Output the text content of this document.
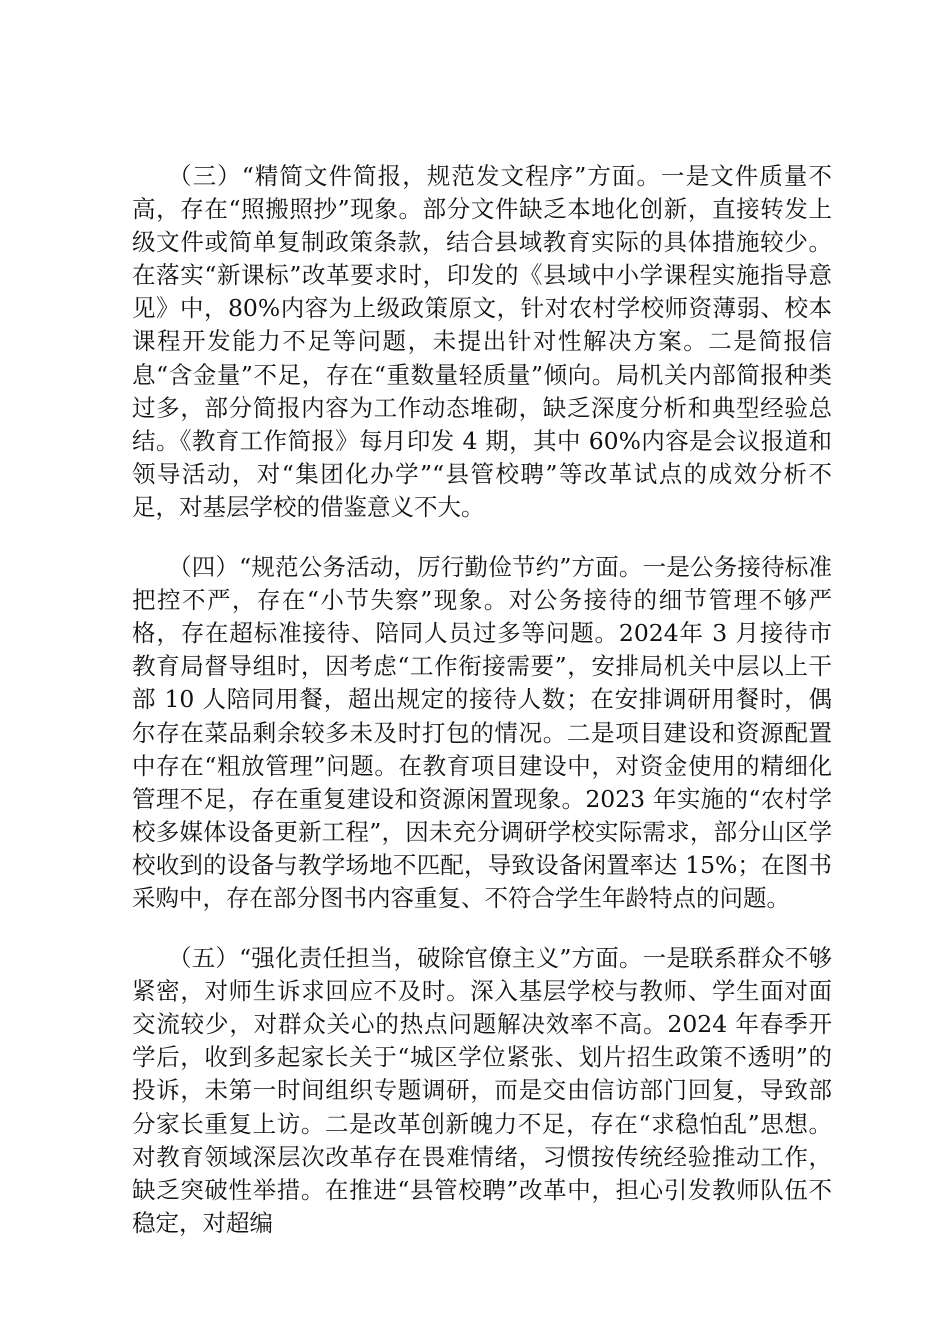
（三）“精简文件简报，规范发文程序”方面。一是文件质量不高，存在“照搬照抄”现象。部分文件缺乏本地化创新，直接转发上级文件或简单复制政策条款，结合县域教育实际的具体措施较少。在落实“新课标”改革要求时，印发的《县域中小学课程实施指导意见》中，80%内容为上级政策原文，针对农村学校师资薄弱、校本课程开发能力不足等问题，未提出针对性解决方案。二是简报信息“含金量”不足，存在“重数量轻质量”倾向。局机关内部简报种类过多，部分简报内容为工作动态堆砌，缺乏深度分析和典型经验总结。《教育工作简报》每月印发 4 期，其中 60%内容是会议报道和领导活动，对“集团化办学”“县管校聘”等改革试点的成效分析不足，对基层学校的借鉴意义不大。

（四）“规范公务活动，厉行勤俭节约”方面。一是公务接待标准把控不严，存在“小节失察”现象。对公务接待的细节管理不够严格，存在超标准接待、陪同人员过多等问题。2024年 3 月接待市教育局督导组时，因考虑“工作衔接需要”，安排局机关中层以上干部 10 人陪同用餐，超出规定的接待人数；在安排调研用餐时，偶尔存在菜品剩余较多未及时打包的情况。二是项目建设和资源配置中存在“粗放管理”问题。在教育项目建设中，对资金使用的精细化管理不足，存在重复建设和资源闲置现象。2023 年实施的“农村学校多媒体设备更新工程”，因未充分调研学校实际需求，部分山区学校收到的设备与教学场地不匹配，导致设备闲置率达 15%；在图书采购中，存在部分图书内容重复、不符合学生年龄特点的问题。

（五）“强化责任担当，破除官僚主义”方面。一是联系群众不够紧密，对师生诉求回应不及时。深入基层学校与教师、学生面对面交流较少，对群众关心的热点问题解决效率不高。2024 年春季开学后，收到多起家长关于“城区学位紧张、划片招生政策不透明”的投诉，未第一时间组织专题调研，而是交由信访部门回复，导致部分家长重复上访。二是改革创新魄力不足，存在“求稳怕乱”思想。对教育领域深层次改革存在畏难情绪，习惯按传统经验推动工作，缺乏突破性举措。在推进“县管校聘”改革中，担心引发教师队伍不稳定，对超编
